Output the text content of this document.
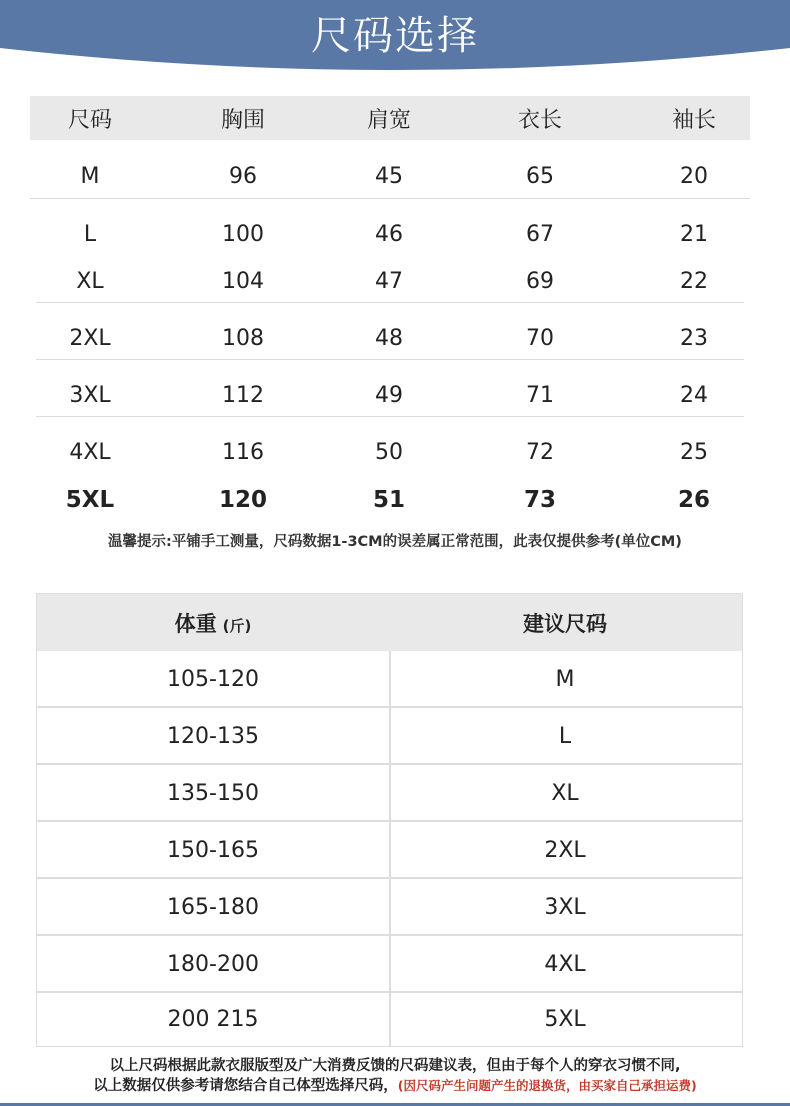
尺码选择
尺码	胸围	肩宽	衣长	袖长
M	96	45	65	20
L	100	46	67	21
XL	104	47	69	22
2XL	108	48	70	23
3XL	112	49	71	24
4XL	116	50	72	25
5XL	120	51	73	26
温馨提示:平铺手工测量，尺码数据1-3CM的误差属正常范围，此表仅提供参考(单位CM)
体重 (斤)	建议尺码
105-120	M
120-135	L
135-150	XL
150-165	2XL
165-180	3XL
180-200	4XL
200 215	5XL
以上尺码根据此款衣服版型及广大消费反馈的尺码建议表，但由于每个人的穿衣习惯不同,
以上数据仅供参考请您结合自己体型选择尺码，(因尺码产生问题产生的退换货，由买家自己承担运费)
